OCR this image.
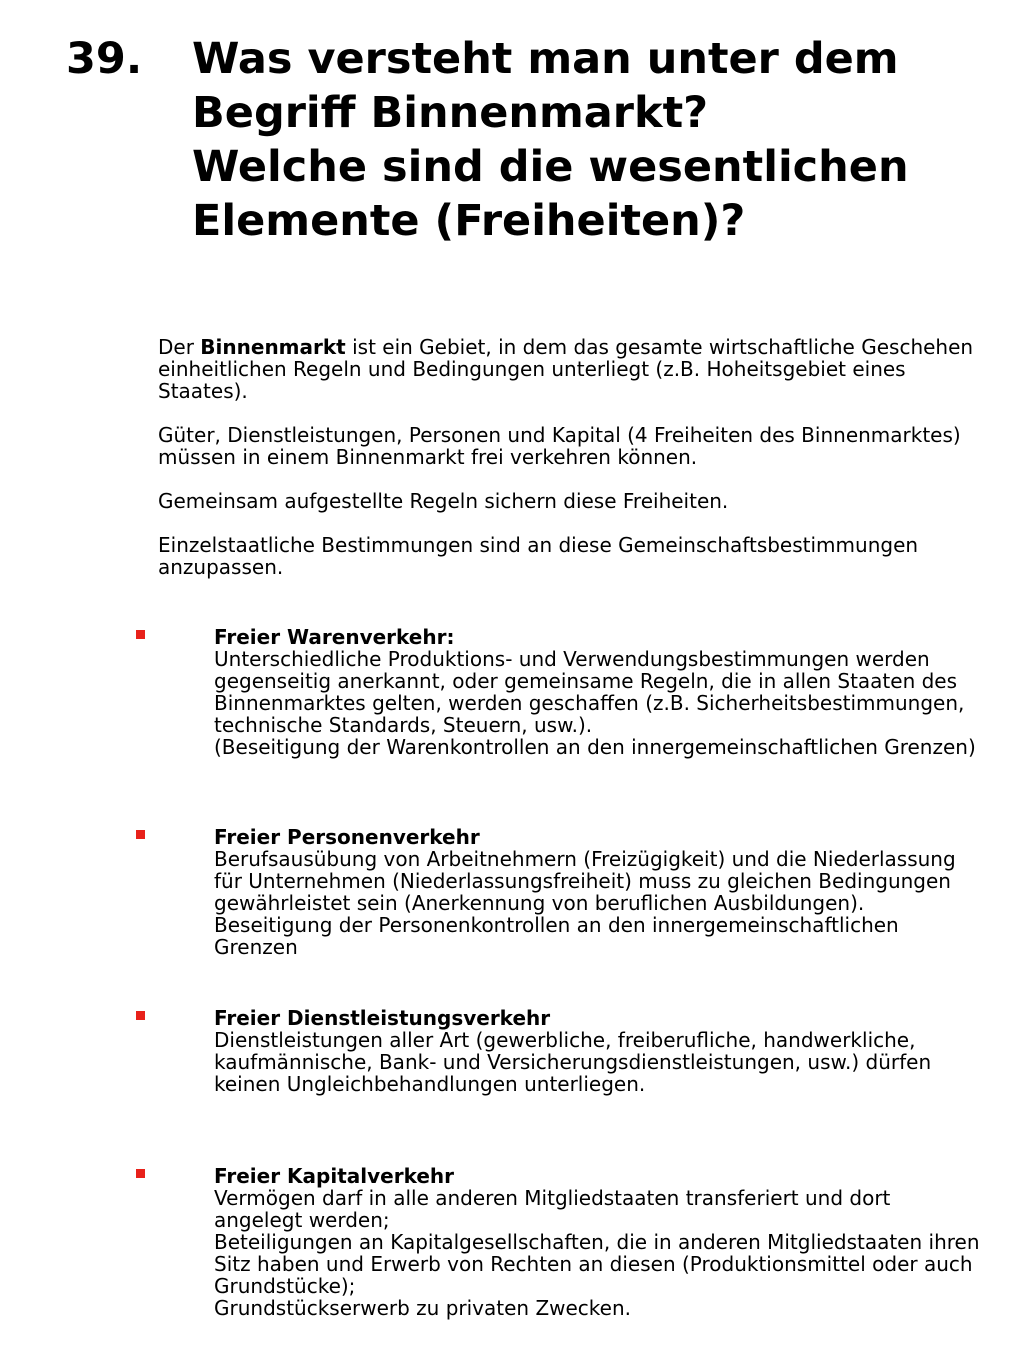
39. Was versteht man unter dem
Begriff Binnenmarkt?
Welche sind die wesentlichen
Elemente (Freiheiten)?

Der Binnenmarkt ist ein Gebiet, in dem das gesamte wirtschaftliche Geschehen einheitlichen Regeln und Bedingungen unterliegt (z.B. Hoheitsgebiet eines Staates).

Güter, Dienstleistungen, Personen und Kapital (4 Freiheiten des Binnenmarktes) müssen in einem Binnenmarkt frei verkehren können.

Gemeinsam aufgestellte Regeln sichern diese Freiheiten.

Einzelstaatliche Bestimmungen sind an diese Gemeinschaftsbestimmungen anzupassen.

Freier Warenverkehr:
Unterschiedliche Produktions- und Verwendungsbestimmungen werden gegenseitig anerkannt, oder gemeinsame Regeln, die in allen Staaten des Binnenmarktes gelten, werden geschaffen (z.B. Sicherheitsbestimmungen, technische Standards, Steuern, usw.).
(Beseitigung der Warenkontrollen an den innergemeinschaftlichen Grenzen)
Freier Personenverkehr
Berufsausübung von Arbeitnehmern (Freizügigkeit) und die Niederlassung für Unternehmen (Niederlassungsfreiheit) muss zu gleichen Bedingungen gewährleistet sein (Anerkennung von beruflichen Ausbildungen).
Beseitigung der Personenkontrollen an den innergemeinschaftlichen Grenzen
Freier Dienstleistungsverkehr
Dienstleistungen aller Art (gewerbliche, freiberufliche, handwerkliche, kaufmännische, Bank- und Versicherungsdienstleistungen, usw.) dürfen keinen Ungleichbehandlungen unterliegen.
Freier Kapitalverkehr
Vermögen darf in alle anderen Mitgliedstaaten transferiert und dort angelegt werden;
Beteiligungen an Kapitalgesellschaften, die in anderen Mitgliedstaaten ihren Sitz haben und Erwerb von Rechten an diesen (Produktionsmittel oder auch Grundstücke);
Grundstückserwerb zu privaten Zwecken.
